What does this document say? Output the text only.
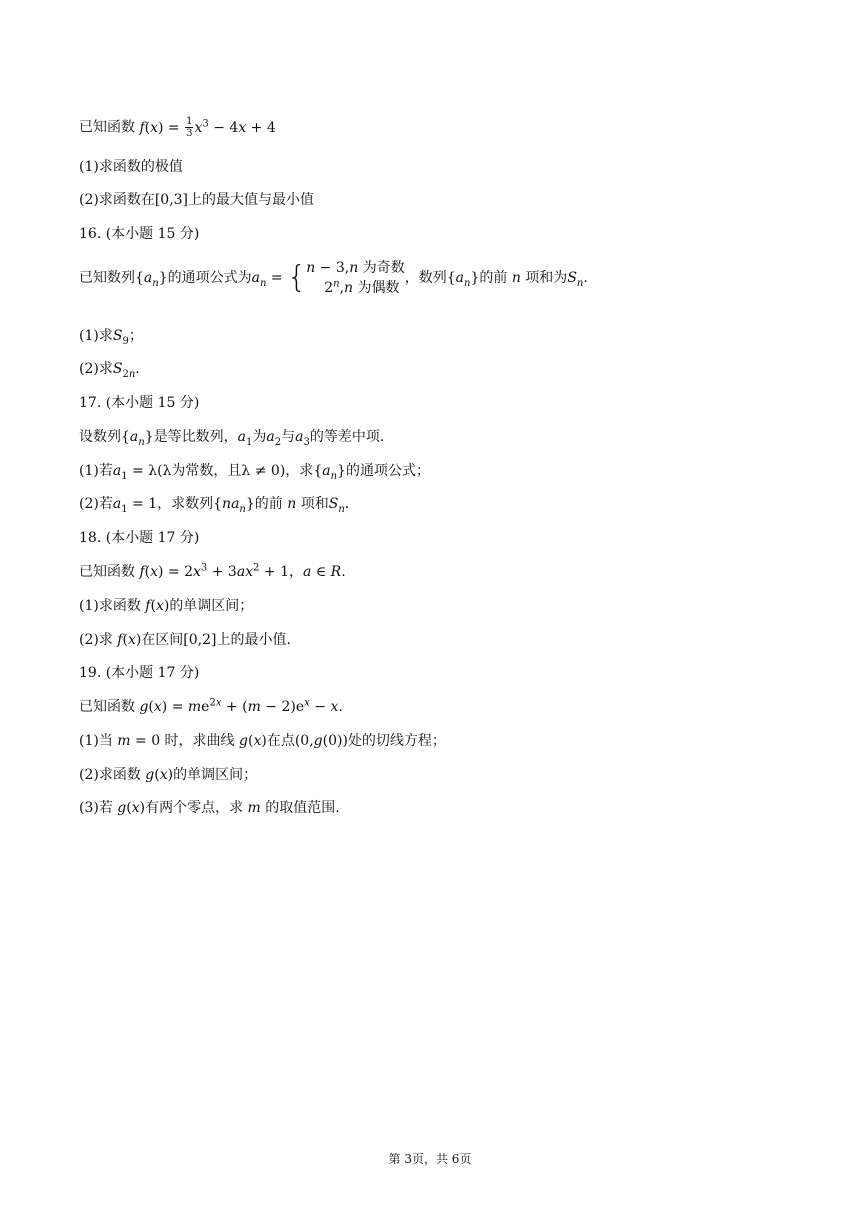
已知函数 $f(x) = \frac{1}{3} x^3 - 4x + 4$
(1)求函数的极值
(2)求函数在[0,3]上的最大值与最小值
16. (本小题 15 分)
已知数列$\{a_n\}$的通项公式为$a_n$ = { n − 3,n 为奇数
2$^n$,n 为偶数
，数列$\{a_n\}$的前 n 项和为$S_n$.
(1)求$S_9$；
(2)求$S_{2n}$.
17. (本小题 15 分)
设数列$\{a_n\}$是等比数列，$a_1$为$a_2$与$a_3$的等差中项.
(1)若$a_1 = \lambda(\lambda$为常数，且λ ≠ 0)，求$\{a_n\}$的通项公式；
(2)若$a_1 = 1$，求数列$\{na_n\}$的前 n 项和$S_n$.
18. (本小题 17 分)
已知函数 $f(x) = 2x^3 + 3ax^2 + 1$，a ∈ R.
(1)求函数 f(x)的单调区间；
(2)求 f(x)在区间[0,2]上的最小值.
19. (本小题 17 分)
已知函数 $g(x) = me^{2x} + (m - 2)e^x - x$.
(1)当 m = 0 时，求曲线 g(x)在点(0,g(0))处的切线方程；
(2)求函数 g(x)的单调区间；
(3)若 g(x)有两个零点，求 m 的取值范围.
第 3页，共 6页
